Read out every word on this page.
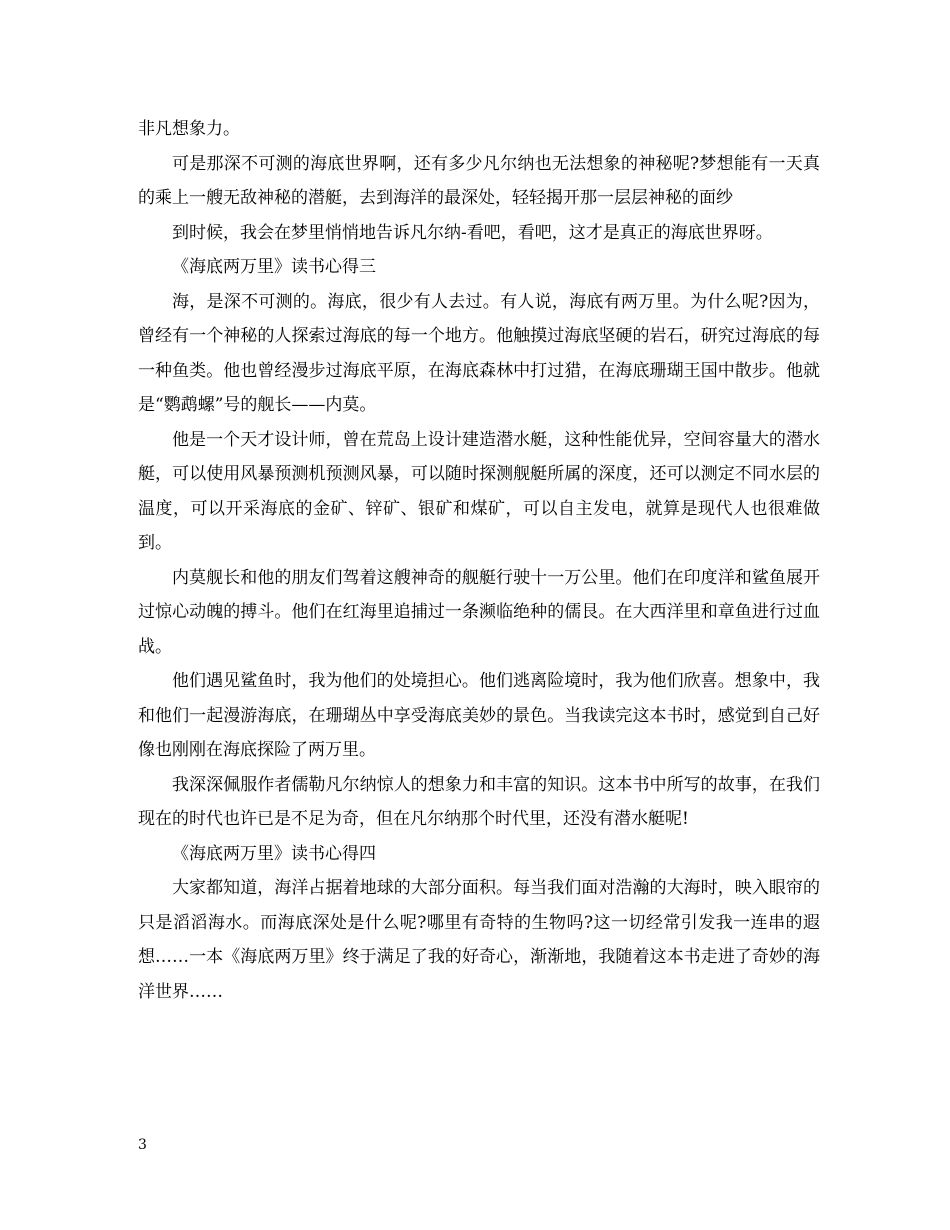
非凡想象力。

可是那深不可测的海底世界啊，还有多少凡尔纳也无法想象的神秘呢?梦想能有一天真的乘上一艘无敌神秘的潜艇，去到海洋的最深处，轻轻揭开那一层层神秘的面纱

到时候，我会在梦里悄悄地告诉凡尔纳-看吧，看吧，这才是真正的海底世界呀。

《海底两万里》读书心得三

海，是深不可测的。海底，很少有人去过。有人说，海底有两万里。为什么呢?因为，曾经有一个神秘的人探索过海底的每一个地方。他触摸过海底坚硬的岩石，研究过海底的每一种鱼类。他也曾经漫步过海底平原，在海底森林中打过猎，在海底珊瑚王国中散步。他就是“鹦鹉螺”号的舰长——内莫。

他是一个天才设计师，曾在荒岛上设计建造潜水艇，这种性能优异，空间容量大的潜水艇，可以使用风暴预测机预测风暴，可以随时探测舰艇所属的深度，还可以测定不同水层的温度，可以开采海底的金矿、锌矿、银矿和煤矿，可以自主发电，就算是现代人也很难做到。

内莫舰长和他的朋友们驾着这艘神奇的舰艇行驶十一万公里。他们在印度洋和鲨鱼展开过惊心动魄的搏斗。他们在红海里追捕过一条濒临绝种的儒艮。在大西洋里和章鱼进行过血战。

他们遇见鲨鱼时，我为他们的处境担心。他们逃离险境时，我为他们欣喜。想象中，我和他们一起漫游海底，在珊瑚丛中享受海底美妙的景色。当我读完这本书时，感觉到自己好像也刚刚在海底探险了两万里。

我深深佩服作者儒勒凡尔纳惊人的想象力和丰富的知识。这本书中所写的故事，在我们现在的时代也许已是不足为奇，但在凡尔纳那个时代里，还没有潜水艇呢!

《海底两万里》读书心得四

大家都知道，海洋占据着地球的大部分面积。每当我们面对浩瀚的大海时，映入眼帘的只是滔滔海水。而海底深处是什么呢?哪里有奇特的生物吗?这一切经常引发我一连串的遐想……一本《海底两万里》终于满足了我的好奇心，渐渐地，我随着这本书走进了奇妙的海洋世界……

3
